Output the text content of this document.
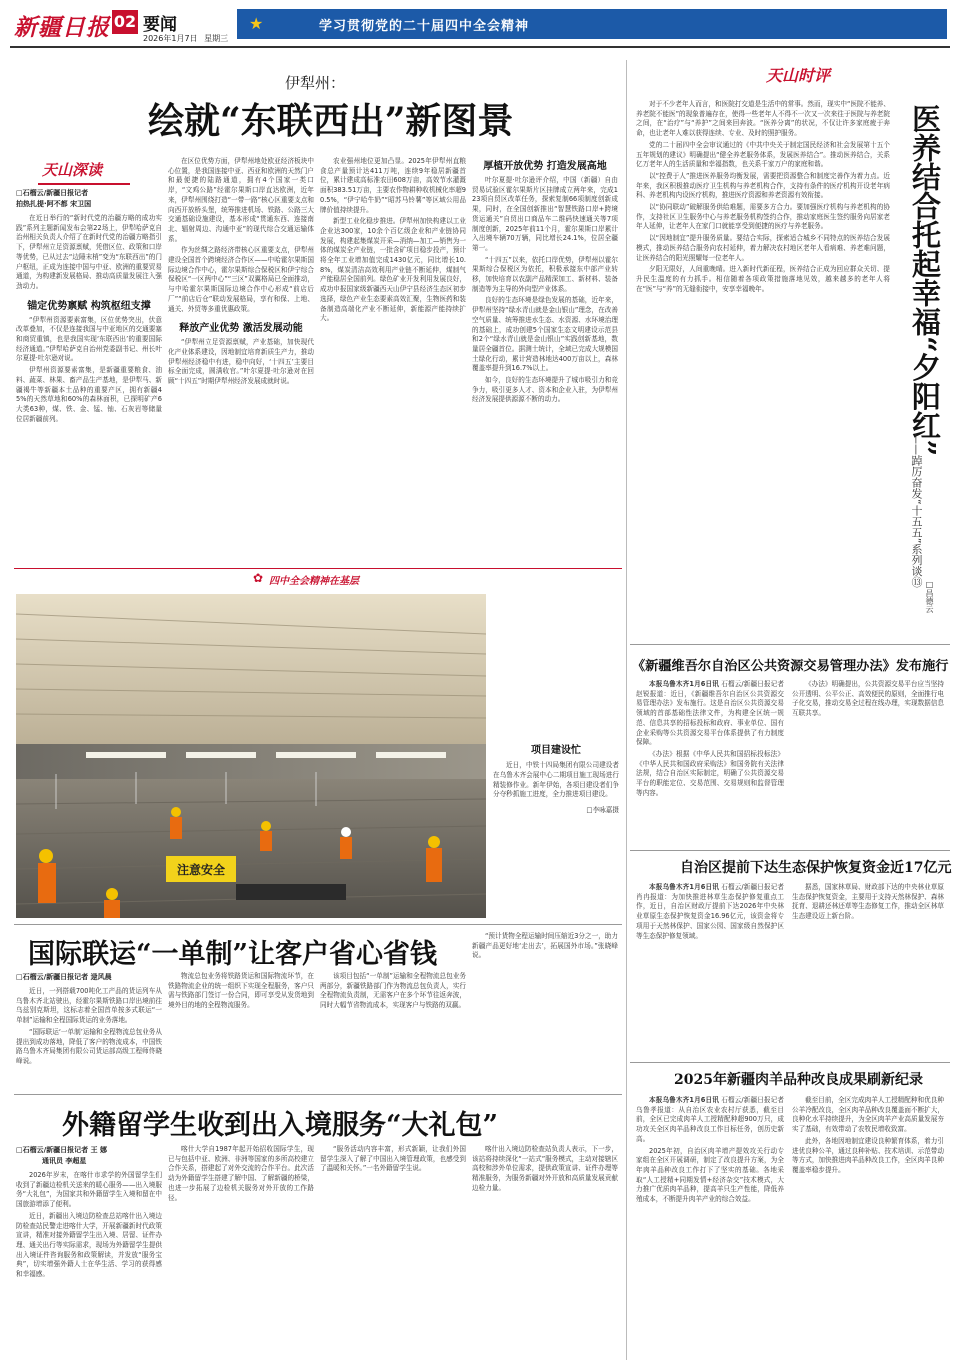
新疆日报 02 要闻
2026年1月7日 星期三
★	学习贯彻党的二十届四中全会精神
伊犁州：
绘就“东联西出”新图景
天山深读
□石榴云/新疆日报记者
拍热扎提·阿不都 宋卫国

在近日举行的“新时代党的治疆方略的成功实践”系列主题新闻发布会第22场上，伊犁哈萨克自治州相关负责人介绍了在新时代党的治疆方略指引下，伊犁州立足资源禀赋，凭借区位、政策和口岸等优势，已从过去“边陲末梢”变为“东联西出”的门户枢纽，正成为连接中国与中亚、欧洲的重要贸易通道，为构建新发展格局、推动高质量发展注入强劲动力。

锚定优势禀赋 构筑枢纽支撑

“伊犁州资源要素富集，区位优势突出，伏意改革叠加，不仅是连接我国与中亚地区的交通要塞和商贸重镇，也是我国实现‘东联西出’的重要国际经济通道。”伊犁哈萨克自治州党委副书记、州长叶尔夏提·吐尔逊对说。

伊犁州资源要素富集，是新疆重要粮食、油料、蔬菜、林果、畜产品生产基地，是伊犁马、新疆褐牛等新疆本土品种的重要产区，拥有新疆45%的天然草地和60%的森林面积，已探明矿产6大类63种，煤、铁、金、锰、铀、石灰岩等储量位居新疆前列。

在区位优势方面，伊犁州地处欧亚经济板块中心位置，是我国连接中亚、西亚和欧洲的天然门户和最便捷的陆路通道，拥有4个国家一类口岸，“文鸡公路”经霍尔果斯口岸直达欧洲，近年来，伊犁州围绕打造“一带一路”核心区重要支点和向西开放桥头堡，统筹推进机场、铁路、公路三大交通基础设施建设，基本形成“贯通东西、连接南北、辐射周边、沟通中亚”的现代综合交通运输体系。

作为丝绸之路经济带核心区重要支点，伊犁州建设全国首个跨境经济合作区——中哈霍尔果斯国际边境合作中心，霍尔果斯综合保税区和伊宁综合保税区“一区两中心”“三区”双翼格局已全面推动，与中哈霍尔果斯国际边境合作中心形成“前店后厂”“前店后仓”联动发展格局，享有和保、上地、通关、外贸等多重优惠政策。

释放产业优势 激活发展动能

“伊犁州立足资源禀赋，产业基础，加快现代化产业体系建设，因地制宜培育新质生产力，推动伊犁州经济稳中有进，稳中向好，‘十四五’主要目标全面完成，圆满收官。”叶尔夏提·吐尔逊对在回顾“十四五”时期伊犁州经济发展成就时说。

农业强州地位更加凸显。2025年伊犁州直粮食总产量预计达411万吨，连续9年稳居新疆首位，累计建成高标准农田608万亩，高效节水灌溉面积383.51万亩，主要农作物耕种收机械化率超90.5%，“伊宁哈牛奶”“昭苏马铃薯”等区域公用品牌价值持续提升。

新型工业化稳步推进。伊犁州加快构建以工业企业达300家，10余个百亿级企业和产业链协同发展，构建起集煤炭开采—消纳—加工—销售为一体的煤炭全产业链，一批含矿项目稳步投产，预计将全年工业增加值完成1430亿元，同比增长10.8%，煤炭清洁高效利用产业链不断延伸，煤制气产能稳居全国前列。绿色矿业开发利用发展良好，成功申报国家级新疆西天山伊宁县经济生态区初步选择，绿色产业生态要素高效汇聚，生物医药和装备制造高端化产业不断延伸，新能源产能持续扩大。

厚植开放优势 打造发展高地

叶尔夏提·吐尔逊评介绍，中国（新疆）自由贸易试验区霍尔果斯片区挂牌成立两年来，完成123项自贸区改革任务，探索复制66项制度创新成果，同时，在全国创新推出“智慧铁路口岸+跨境货运通关”自贸出口商品车二维码快速通关等7项制度创新，2025年前11个月，霍尔果斯口岸累计入出境车辆70万辆，同比增长24.1%，位居全疆第一。

“十四五”以来，依托口岸优势，伊犁州以霍尔果斯综合保税区为依托，积极承接东中部产业转移，加快培育以农副产品精深加工、新材料、装备制造等为主导的外向型产业体系。

良好的生态环境是绿色发展的基础，近年来，伊犁州坚持“绿水青山就是金山银山”理念，在改善空气质量、统筹推进水生态、水资源、水环境治理的基础上，成功创建5个国家生态文明建设示范县和2个“绿水青山就是金山银山”实践创新基地，数量居全疆首位。据测土统计，全域已完成大规模国土绿化行动，累计营造林地达400万亩以上，森林覆盖率提升到16.7%以上。

如今，良好的生态环境提升了城市吸引力和竞争力，吸引更多人才、资本和企业入驻，为伊犁州经济发展提供源源不断的动力。

天山时评

对于不少老年人而言，和医院打交道是生活中的常事。然而，现实中“医院不能养、养老院不能医”的现象普遍存在，使得一些老年人不得不一次又一次来往于医院与养老院之间，在“治疗”与“养护”之间来回奔波。“医养分离”的状况，不仅让许多家庭疲于奔命，也让老年人难以获得连续、专业、及时的照护服务。

党的二十届四中全会审议通过的《中共中央关于制定国民经济和社会发展第十五个五年规划的建议》明确提出“健全养老服务体系，发展医养结合”。推动医养结合，关系亿万老年人的生活质量和幸福指数，也关系千家万户的家庭和谐。

以“控费于人”推进医养服务均衡发展，需要把资源整合和制度完善作为着力点。近年来，我区积极推动医疗卫生机构与养老机构合作，支持有条件的医疗机构开设老年病科、养老机构内设医疗机构，推进医疗资源和养老资源有效衔接。

以“协同联动”破解服务供给难题，需要多方合力。要加强医疗机构与养老机构的协作，支持社区卫生服务中心与养老服务机构签约合作，推动家庭医生签约服务向居家老年人延伸，让老年人在家门口就能享受到便捷的医疗与养老服务。

以“因地制宜”提升服务质量。要结合实际，探索适合城乡不同特点的医养结合发展模式，推动医养结合服务向农村延伸，着力解决农村地区老年人看病难、养老难问题，让医养结合的阳光照耀每一位老年人。

夕阳无限好，人间重晚晴。进入新时代新征程，医养结合正成为回应群众关切、提升民生温度的有力抓手。相信随着各项政策措施落地见效，越来越多的老年人将在“医”与“养”的无缝衔接中，安享幸福晚年。	医养结合托起幸福“夕阳红”
——踔厉奋发“十五五”系列谈⑬
□昌德云
✿ 四中全会精神在基层
注意安全
项目建设忙
近日，中铁十四局集团有限公司建设者在乌鲁木齐会展中心二期项目施工现场进行精装修作业。新年伊始，各项目建设者们争分夺秒抓施工进度，全力推进项目建设。
□李咏嘉摄
《新疆维吾尔自治区公共资源交易管理办法》发布施行

本报乌鲁木齐1月6日讯 石榴云/新疆日报记者赵锐报道：近日，《新疆维吾尔自治区公共资源交易管理办法》发布施行。这是自治区公共资源交易领域的首部基础性法律文件，为构建全区统一规范、信息共享的招标投标和政府、事业单位、国有企业采购等公共资源交易平台体系提供了有力制度保障。

《办法》根据《中华人民共和国招标投标法》《中华人民共和国政府采购法》和国务院有关法律法规，结合自治区实际制定，明确了公共资源交易平台的职能定位、交易范围、交易规则和监督管理等内容。

《办法》明确提出，公共资源交易平台应当坚持公开透明、公平公正、高效便民的原则，全面推行电子化交易，推动交易全过程在线办理，实现数据信息互联共享。

自治区提前下达生态保护恢复资金近17亿元

本报乌鲁木齐1月6日讯 石榴云/新疆日报记者肖冉报道：为加快推进林草生态保护修复重点工作，近日，自治区财政厅提前下达2026年中央林业草原生态保护恢复资金16.96亿元，该资金将专项用于天然林保护、国家公园、国家级自然保护区等生态保护修复领域。

据悉，国家林草局、财政部下达的中央林业草原生态保护恢复资金，主要用于支持天然林保护、森林抚育、退耕还林还草等生态修复工作，推动全区林草生态建设迈上新台阶。

国际联运“一单制”让客户省心省钱
□石榴云/新疆日报记者 逯风晨

近日，一列搭载700吨化工产品的货运列车从乌鲁木齐北站驶出，经霍尔果斯铁路口岸出境前往乌兹别克斯坦，这标志着全国首单按多式联运“一单制”运输和全程国际货运的业务落地。

“国际联运‘一单制’运输和全程物流总包业务从提出到成功落地，降低了客户的物流成本，中国铁路乌鲁木齐局集团有限公司货运部高级工程师佟晓峰说。

物流总包业务将铁路货运和国际物流环节，在铁路物流企业的统一组织下实现全程服务，客户只需与铁路部门签订一份合同，即可享受从发货地到境外目的地的全程物流服务。

该项目包括“一单制”运输和全程物流总包业务两部分，新疆铁路部门作为物流总包负责人，实行全程物流负责制，无需客户在多个环节往返奔波，同时大幅节省物流成本，实现客户与铁路的双赢。

“预计货物全程运输时间压缩近3分之一，助力新疆产品更好地‘走出去’，拓展国外市场。”张晓峰说。

外籍留学生收到出入境服务“大礼包”
□石榴云/新疆日报记者 王 娜
通讯员 李超星

2026年岁末，在喀什市求学的外国留学生们收到了新疆边检机关送来的暖心服务——出入境服务“大礼包”，为国家共和外籍留学生入境和留在中国旅游增添了便利。

近日，新疆出入境边防检查总站喀什出入境边防检查站民警走进喀什大学，开展新疆新时代政策宣讲，精准对接外籍留学生出入境、居留、证件办理、通关出行等实际需求，现场为外籍留学生提供出入境证件咨询服务和政策解读，并发放“服务宝典”，切实增强外籍人士在华生活、学习的获得感和幸福感。

喀什大学自1987年起开始招收国际学生，现已与包括中亚、欧洲、非洲等国家的多所高校建立合作关系，搭建起了对外交流的合作平台。此次活动为外籍留学生搭建了解中国、了解新疆的桥梁，也进一步拓展了边检机关服务对外开放的工作路径。

“服务活动内容丰富，形式新颖，让我们外国留学生深入了解了中国出入境管理政策，也感受到了温暖和关怀。”一名外籍留学生说。

喀什出入境边防检查站负责人表示，下一步，该站将持续深化“一站式”服务模式，主动对接辖区高校和涉外单位需求，提供政策宣讲、证件办理等精准服务，为服务新疆对外开放和高质量发展贡献边检力量。

2025年新疆肉羊品种改良成果刷新纪录

本报乌鲁木齐1月6日讯 石榴云/新疆日报记者乌鲁孝报道：从自治区农业农村厅获悉，截至目前，全区已完成肉羊人工授精配种超900万只，成功攻关全区肉羊品种改良工作目标任务，创历史新高。

2025年初，自治区肉羊增产提效攻关行动专家组在全区开展调研，制定了改良提升方案，为全年肉羊品种改良工作打下了坚实的基础。各地采取“人工授精+同期发情+经济杂交”技术模式，大力推广优质肉羊品种，提高羊只生产性能，降低养殖成本，不断提升肉羊产业的综合效益。

截至目前，全区完成肉羊人工授精配种和优良种公羊冷配改良，全区肉羊品种改良覆盖面不断扩大，良种化水平持续提升，为全区肉羊产业高质量发展夯实了基础，有效带动了农牧民增收致富。

此外，各地因地制宜建设良种繁育体系，着力引进优良种公羊，通过良种补贴、技术培训、示范带动等方式，加快推进肉羊品种改良工作，全区肉羊良种覆盖率稳步提升。
